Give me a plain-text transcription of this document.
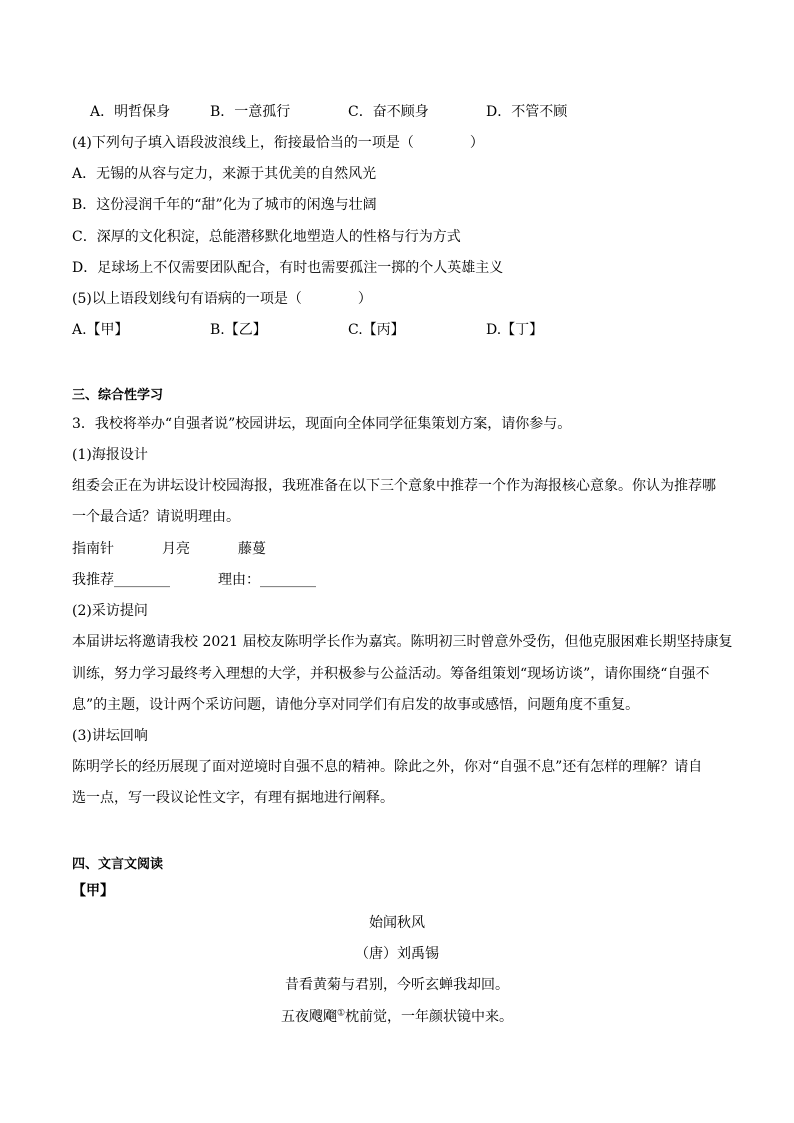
A．明哲保身	B．一意孤行	C．奋不顾身	D．不管不顾
(4)下列句子填入语段波浪线上，衔接最恰当的一项是（　　　　）
A．无锡的从容与定力，来源于其优美的自然风光
B．这份浸润千年的“甜”化为了城市的闲逸与壮阔
C．深厚的文化积淀，总能潜移默化地塑造人的性格与行为方式
D．足球场上不仅需要团队配合，有时也需要孤注一掷的个人英雄主义
(5)以上语段划线句有语病的一项是（　　　　）
A.【甲】	B.【乙】	C.【丙】	D.【丁】
三、综合性学习
3．我校将举办“自强者说”校园讲坛，现面向全体同学征集策划方案，请你参与。
(1)海报设计
组委会正在为讲坛设计校园海报，我班准备在以下三个意象中推荐一个作为海报核心意象。你认为推荐哪
一个最合适？请说明理由。
指南针	月亮	藤蔓
我推荐________	理由：________
(2)采访提问
本届讲坛将邀请我校 2021 届校友陈明学长作为嘉宾。陈明初三时曾意外受伤，但他克服困难长期坚持康复
训练，努力学习最终考入理想的大学，并积极参与公益活动。筹备组策划“现场访谈”，请你围绕“自强不
息”的主题，设计两个采访问题，请他分享对同学们有启发的故事或感悟，问题角度不重复。
(3)讲坛回响
陈明学长的经历展现了面对逆境时自强不息的精神。除此之外，你对“自强不息”还有怎样的理解？请自
选一点，写一段议论性文字，有理有据地进行阐释。
四、文言文阅读
【甲】
始闻秋风
（唐）刘禹锡
昔看黄菊与君别，今听玄蝉我却回。
五夜飕飗①枕前觉，一年颜状镜中来。
